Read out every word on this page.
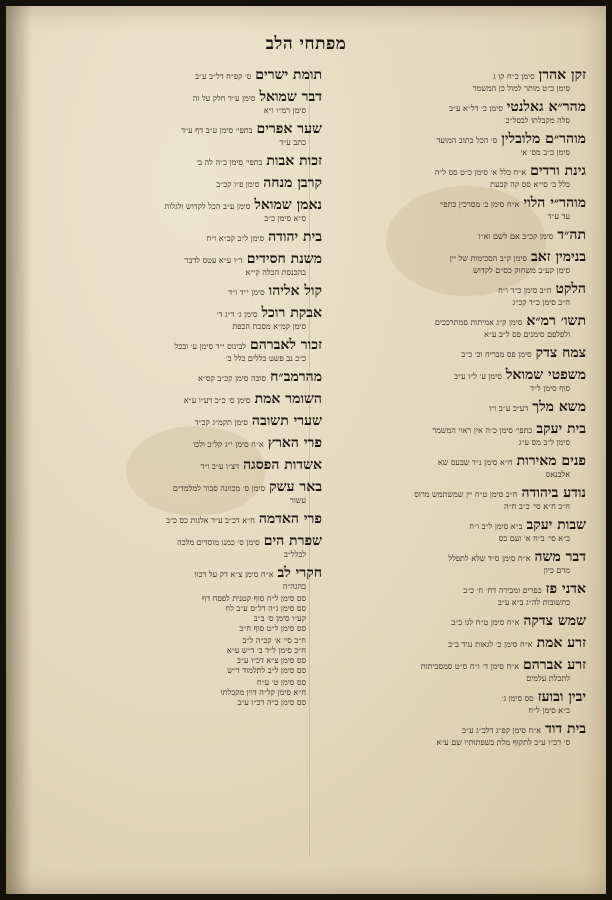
מפתחי הלב
זקן אהרןסימן כ״ח קו ג
סימן כ״ט מותר למול כן המשמר
מהר״א גאלנטיסימן כ׳ דל״א ע״ב
סלה מקבלתו לבסל״כ
מוהר״ם מלובליןס׳ הכל כתוב המועד
סימן כ״ב מס׳ א׳
גינת ורדיםא״ח כלל א׳ סימן כ״ט סס ל״ה
כלל ב׳ סי״א סס קה קבעת
מוהר״י הלויא״ח סימן כ׳ מסרכין כתפי׳
עד ע״ד
תה״דסימן קכ״ב אם לשם וא״ו
בנימין זאבסימן ק״ב הסכימות של יין
סימן קע״ב משחוק כס״ם לקדוש
הלקטח״ב סימן כ״ד ו״ח
ח״ב סימן כ״ד קכ״ג
תשו׳ רמ״אסימן ק״ג אמיתות סמתרככים
ולפלפם סימנים פס ל״ב ע״א
צמח צדקסימן פס מבריח וכ׳ כ״ב
משפטי שמואלסימן ע׳ ל״ו ע״ב
סוף סימן ל״ד
משא מלךדע״כ ע״ב ו״ו
בית יעקבכתפי׳ סימן כ״ה אין ראוי המשמר
סימן ל״ב מס ע״ג
פנים מאירותח״א סימן נ״ד שבעס שא
אלבנאס
נודע ביהודהח״ב סימן ט״ח יין שמשתמש מרוס
ח״ב ח״א סי׳ כ״ב ח״ה
שבות יעקבב״א סימן ל״ב ו״ח
ב״א סי׳ ב״ח א׳ ועם כס
דבר משהא״ח סימן ס״ד שלא לתפלל
מרם כיון
אדני פזכפרים ומכירה דח׳ ח׳ כ״ב
כתשובות לה״ג ב״א ע״ב
שמש צדקהא״ח סימן ט״ח לגו ב״ב
זרע אמתא״ח סימן כ׳ לגאות נגיד ב״ב
זרע אברהםא״ח סימן ד׳ ו״ח ס״ט סמסכיתות
לתכלת עלמים
יבין ובועזסס סימן ג׳
ב״א סימן ל״ח
בית דודא״ח סימן קפ״ג דלכ״ג ע״ב
ס׳ דכ״ו ע״ב לתקוף מלת בשפתותיו שם ע״א
תומת ישריםס׳ קפ״ח דל״ב ע״ב
דבר שמואלסימן ע״ד חלק על זה
סימן רמ״ו ו״א
שער אפריםבתפי׳ סימן ע״ב דף ע״ד
כתב ע״ד
זכות אבותבתפי׳ סימן כ״ה לה ב׳
קרבן מנחהסימן פ״ו קכ״ב
נאמן שמואלסימן ע״ב הכל לקדוש ולגלות
ס״א סימן כ״ב
בית יהודהסימן ל״ב קכ״א ו״ח
משנת חסידיםד״ו ע״א עטס לדבר
בהכנסת הכלה קי״א
קול אליהוסימן י״ד ו״ד
אבקת רוכלסימן ג׳ ד״ג ד׳
סימן קמ״א מסכת הכפת
זכור לאברהםלבינוס י״ד סימן ע׳ ובכל
כ״ב נב פשט כללים כלל ב׳
מהרמב״חסוכה סימן קכ״ב קס״א
השומר אמתסימן ס׳ כ״כ דע״ו ע״א
שערי תשובהסימן תקמ״ג קכ״ד
פרי הארץא״ח סימן י״ג קל״ב ולכו
אשדות הפסגהדצ״ו ע״ב ו״ד
באר עשקסימן ס׳ מכוונה סבור למלמדים
עשור
פרי האדמהח״א דכ״ב ע״ד אלגות כס כ״ב
שפרת היםסימן ס׳ כמנו מוסדים מלכה
לכלל״ב
חקרי לבא״ח סימן צ״א דק על דכוו
בהגה״ה
סס סימן ל״ח סוף קטנית לפסח דף
סס סימן ג״ה דל״ס ע״ב לח
קע״ו סימן ס׳ ב״ב
סס סימן ל״ט סוף ח״ב
ח״ב סי׳ א׳ קכ״ה ל״ב
ח״כ סימן ל״ד ב׳ ד״ש ע״א
סס סימן צ״א דכ״ו ע״ב
סס סימן ל״ב לתלמוד ד״ש
סס סימן ט׳ ע״ח
ח״א סימן קל״ה דוין מקבלתו
סס סימן כ״ה דכ״ו ע״ב
